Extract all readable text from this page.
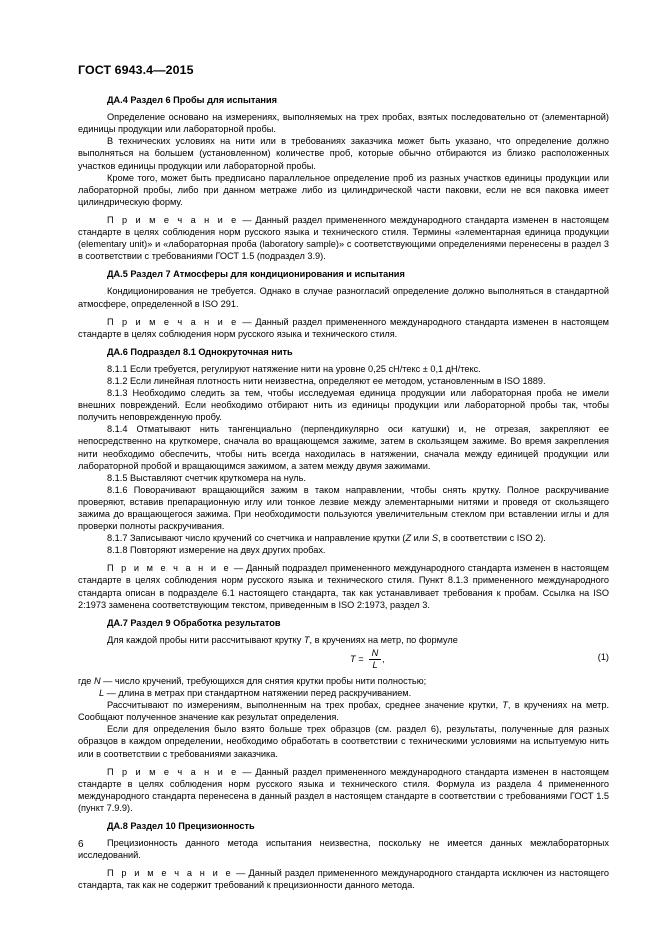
ГОСТ 6943.4—2015
ДА.4 Раздел 6 Пробы для испытания

Определение основано на измерениях, выполняемых на трех пробах, взятых последовательно от (элементарной) единицы продукции или лабораторной пробы.

В технических условиях на нити или в требованиях заказчика может быть указано, что определение должно выполняться на большем (установленном) количестве проб, которые обычно отбираются из близко расположенных участков единицы продукции или лабораторной пробы.

Кроме того, может быть предписано параллельное определение проб из разных участков единицы продукции или лабораторной пробы, либо при данном метраже либо из цилиндрической части паковки, если не вся паковка имеет цилиндрическую форму.

П р и м е ч а н и е — Данный раздел примененного международного стандарта изменен в настоящем стандарте в целях соблюдения норм русского языка и технического стиля. Термины «элементарная единица продукции (elementary unit)» и «лабораторная проба (laboratory sample)» с соответствующими определениями перенесены в раздел 3 в соответствии с требованиями ГОСТ 1.5 (подраздел 3.9).

ДА.5 Раздел 7 Атмосферы для кондиционирования и испытания

Кондиционирования не требуется. Однако в случае разногласий определение должно выполняться в стандартной атмосфере, определенной в ISO 291.

П р и м е ч а н и е — Данный раздел примененного международного стандарта изменен в настоящем стандарте в целях соблюдения норм русского языка и технического стиля.

ДА.6 Подраздел 8.1 Однокруточная нить

8.1.1 Если требуется, регулируют натяжение нити на уровне 0,25 сН/текс ± 0,1 дН/текс.

8.1.2 Если линейная плотность нити неизвестна, определяют ее методом, установленным в ISO 1889.

8.1.3 Необходимо следить за тем, чтобы исследуемая единица продукции или лабораторная проба не имели внешних повреждений. Если необходимо отбирают нить из единицы продукции или лабораторной пробы так, чтобы получить неповрежденную пробу.

8.1.4 Отматывают нить тангенциально (перпендикулярно оси катушки) и, не отрезая, закрепляют ее непосредственно на круткомере, сначала во вращающемся зажиме, затем в скользящем зажиме. Во время закрепления нити необходимо обеспечить, чтобы нить всегда находилась в натяжении, сначала между единицей продукции или лабораторной пробой и вращающимся зажимом, а затем между двумя зажимами.

8.1.5 Выставляют счетчик круткомера на нуль.

8.1.6 Поворачивают вращающийся зажим в таком направлении, чтобы снять крутку. Полное раскручивание проверяют, вставив препарационную иглу или тонкое лезвие между элементарными нитями и проведя от скользящего зажима до вращающегося зажима. При необходимости пользуются увеличительным стеклом при вставлении иглы и для проверки полноты раскручивания.

8.1.7 Записывают число кручений со счетчика и направление крутки (Z или S, в соответствии с ISO 2).

8.1.8 Повторяют измерение на двух других пробах.

П р и м е ч а н и е — Данный подраздел примененного международного стандарта изменен в настоящем стандарте в целях соблюдения норм русского языка и технического стиля. Пункт 8.1.3 примененного международного стандарта описан в подразделе 6.1 настоящего стандарта, так как устанавливает требования к пробам. Ссылка на ISO 2:1973 заменена соответствующим текстом, приведенным в ISO 2:1973, раздел 3.

ДА.7 Раздел 9 Обработка результатов

Для каждой пробы нити рассчитывают крутку T, в кручениях на метр, по формуле

$T = \frac{N}{L}$ ,	(1)

где N — число кручений, требующихся для снятия крутки пробы нити полностью;

L — длина в метрах при стандартном натяжении перед раскручиванием.

Рассчитывают по измерениям, выполненным на трех пробах, среднее значение крутки, T, в кручениях на метр. Сообщают полученное значение как результат определения.

Если для определения было взято больше трех образцов (см. раздел 6), результаты, полученные для разных образцов в каждом определении, необходимо обработать в соответствии с техническими условиями на испытуемую нить или в соответствии с требованиями заказчика.

П р и м е ч а н и е — Данный раздел примененного международного стандарта изменен в настоящем стандарте в целях соблюдения норм русского языка и технического стиля. Формула из раздела 4 примененного международного стандарта перенесена в данный раздел в настоящем стандарте в соответствии с требованиями ГОСТ 1.5 (пункт 7.9.9).

ДА.8 Раздел 10 Прецизионность

Прецизионность данного метода испытания неизвестна, поскольку не имеется данных межлабораторных исследований.

П р и м е ч а н и е — Данный раздел примененного международного стандарта исключен из настоящего стандарта, так как не содержит требований к прецизионности данного метода.

6
